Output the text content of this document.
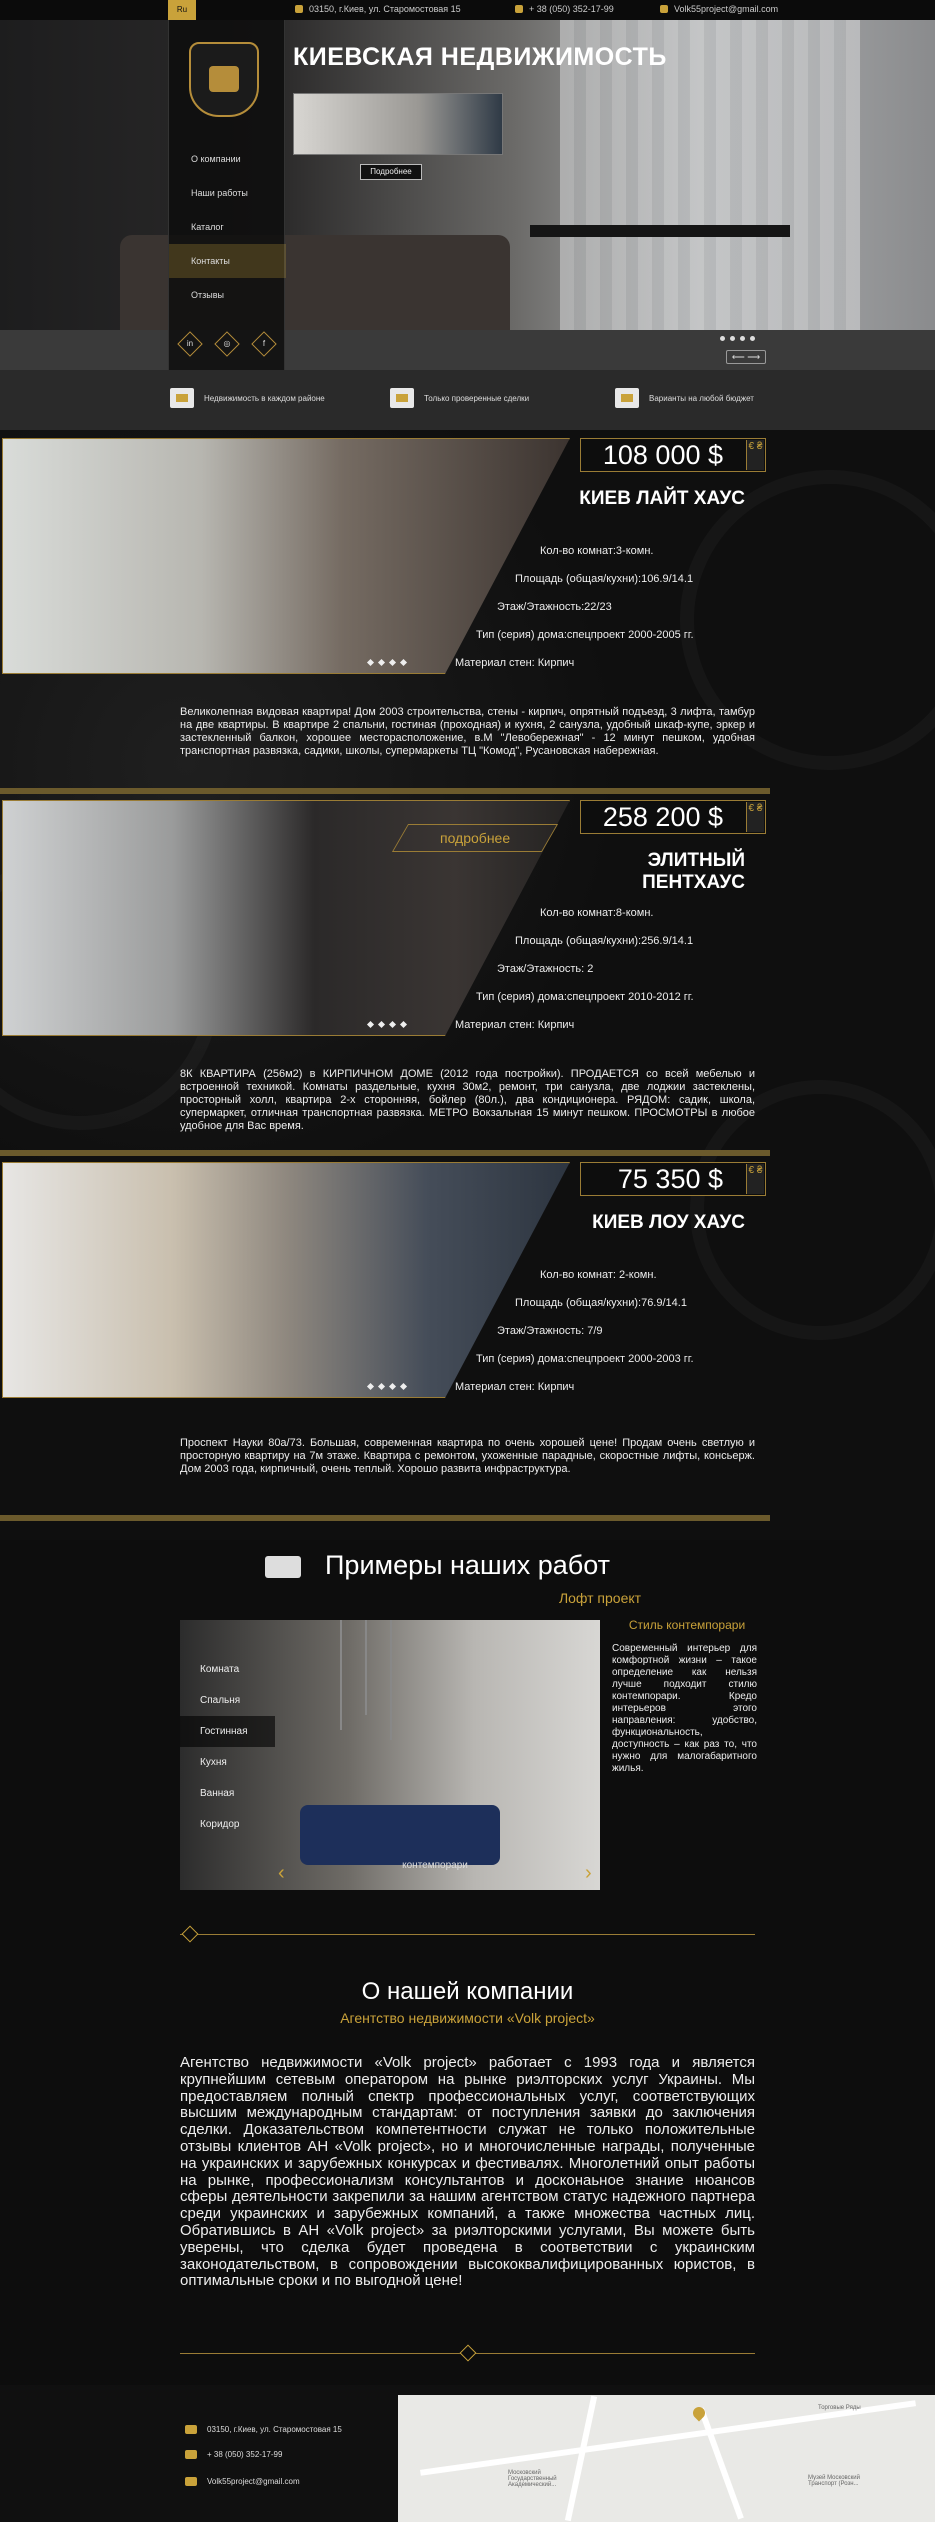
Ru	03150, г.Киев, ул. Старомостовая 15	+ 38 (050) 352-17-99	Volk55project@gmail.com
О компании
Наши работы
Каталог
Контакты
Отзывы
in	◎	f
КИЕВСКАЯ НЕДВИЖИМОСТЬ
Подробнее
⟵ ⟶
Недвижимость в каждом районе	Только проверенные сделки	Варианты на любой бюджет
108 000 $	€ ₴
КИЕВ ЛАЙТ ХАУС
Кол-во комнат:3-комн.
Площадь (общая/кухни):106.9/14.1
Этаж/Этажность:22/23
Тип (серия) дома:спецпроект 2000-2005 гг.
Материал стен: Кирпич
Великолепная видовая квартира! Дом 2003 строительства, стены - кирпич, опрятный подъезд, 3 лифта, тамбур на две квартиры. В квартире 2 спальни, гостиная (проходная) и кухня, 2 санузла, удобный шкаф-купе, эркер и застекленный балкон, хорошее месторасположение, в.М "Левобережная" - 12 минут пешком, удобная транспортная развязка, садики, школы, супермаркеты ТЦ "Комод", Русановская набережная.
подробнее
258 200 $	€ ₴
ЭЛИТНЫЙ ПЕНТХАУС
Кол-во комнат:8-комн.
Площадь (общая/кухни):256.9/14.1
Этаж/Этажность: 2
Тип (серия) дома:спецпроект 2010-2012 гг.
Материал стен: Кирпич
8К КВАРТИРА (256м2) в КИРПИЧНОМ ДОМЕ (2012 года постройки). ПРОДАЕТСЯ со всей мебелью и встроенной техникой. Комнаты раздельные, кухня 30м2, ремонт, три санузла, две лоджии застеклены, просторный холл, квартира 2-х сторонняя, бойлер (80л.), два кондиционера. РЯДОМ: садик, школа, супермаркет, отличная транспортная развязка. МЕТРО Вокзальная 15 минут пешком. ПРОСМОТРЫ в любое удобное для Вас время.
75 350 $	€ ₴
КИЕВ ЛОУ ХАУС
Кол-во комнат: 2-комн.
Площадь (общая/кухни):76.9/14.1
Этаж/Этажность: 7/9
Тип (серия) дома:спецпроект 2000-2003 гг.
Материал стен: Кирпич
Проспект Науки 80а/73. Большая, современная квартира по очень хорошей цене! Продам очень светлую и просторную квартиру на 7м этаже. Квартира с ремонтом, ухоженные парадные, скоростные лифты, консьерж. Дом 2003 года, кирпичный, очень теплый. Хорошо развита инфраструктура.
Примеры наших работ
Лофт проект
Комната
Спальня
Гостинная
Кухня
Ванная
Коридор
‹	контемпорари	›
Стиль контемпорари
Современный интерьер для комфортной жизни – такое определение как нельзя лучше подходит стилю контемпорари. Кредо интерьеров этого направления: удобство, функциональность, доступность – как раз то, что нужно для малогабаритного жилья.
О нашей компании
Агентство недвижимости «Volk project»
Агентство недвижимости «Volk project» работает с 1993 года и является крупнейшим сетевым оператором на рынке риэлторских услуг Украины. Мы предоставляем полный спектр профессиональных услуг, соответствующих высшим международным стандартам: от поступления заявки до заключения сделки. Доказательством компетентности служат не только положительные отзывы клиентов АН «Volk project», но и многочисленные награды, полученные на украинских и зарубежных конкурсах и фестивалях. Многолетний опыт работы на рынке, профессионализм консультантов и досконаьное знание нюансов сферы деятельности закрепили за нашим агентством статус надежного партнера среди украинских и зарубежных компаний, а также множества частных лиц. Обратившись в АН «Volk project» за риэлторскими услугами, Вы можете быть уверены, что сделка будет проведена в соответствии с украинским законодательством, в сопровождении высококвалифицированных юристов, в оптимальные сроки и по выгодной цене!
03150, г.Киев, ул. Старомостовая 15
+ 38 (050) 352-17-99
Volk55project@gmail.com
Торговые Ряды
Московский Государственный Академический...
Музей Московский Транспорт (Розн...
